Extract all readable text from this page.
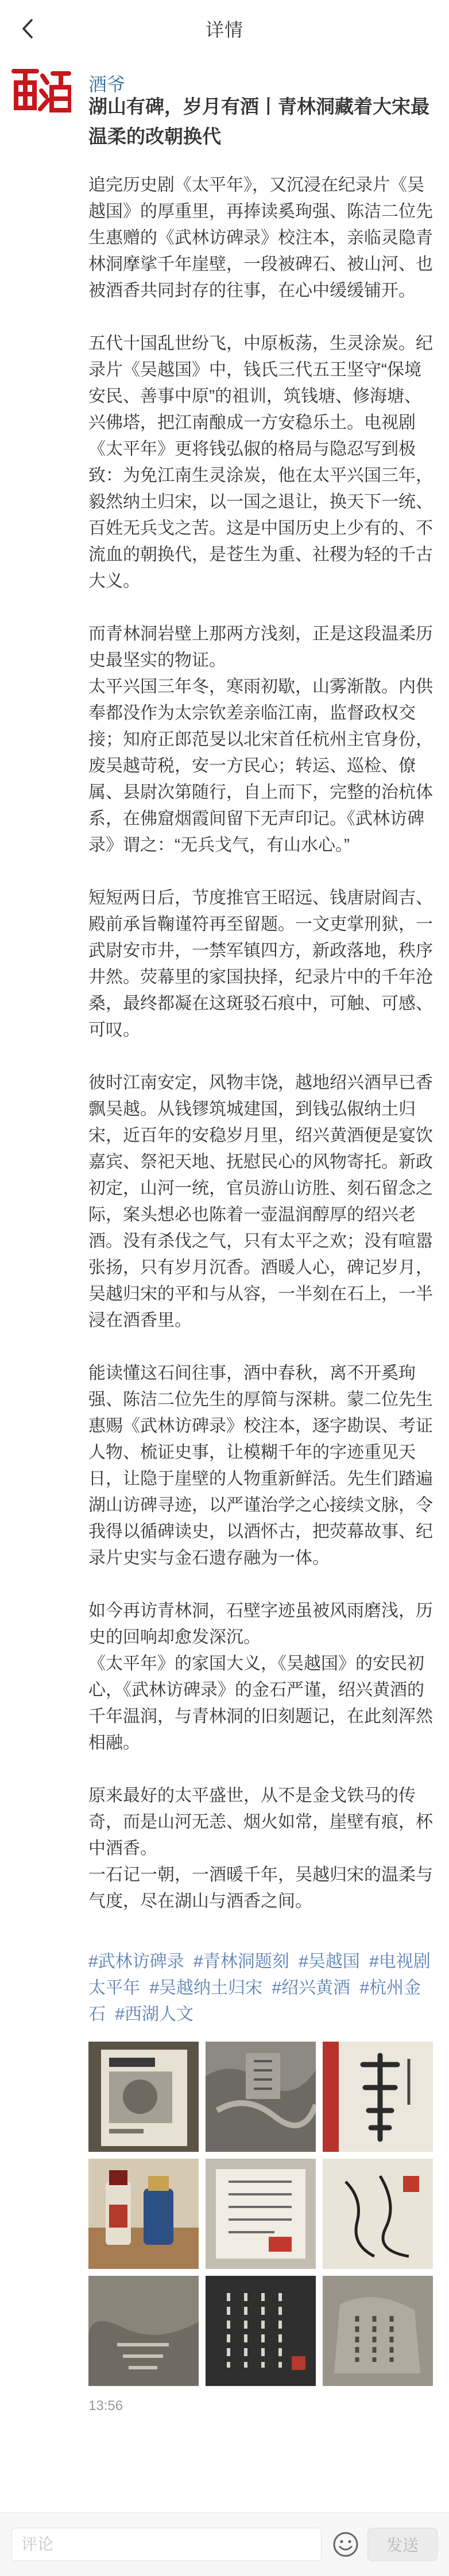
详情
酒爷
湖山有碑，岁月有酒丨青林洞藏着大宋最温柔的改朝换代

追完历史剧《太平年》，又沉浸在纪录片《吴越国》的厚重里，再捧读奚珣强、陈洁二位先生惠赠的《武林访碑录》校注本，亲临灵隐青林洞摩挲千年崖壁，一段被碑石、被山河、也被酒香共同封存的往事，在心中缓缓铺开。

五代十国乱世纷飞，中原板荡，生灵涂炭。纪录片《吴越国》中，钱氏三代五王坚守“保境安民、善事中原”的祖训，筑钱塘、修海塘、兴佛塔，把江南酿成一方安稳乐土。电视剧《太平年》更将钱弘俶的格局与隐忍写到极致：为免江南生灵涂炭，他在太平兴国三年，毅然纳土归宋，以一国之退让，换天下一统、百姓无兵戈之苦。这是中国历史上少有的、不流血的朝换代，是苍生为重、社稷为轻的千古大义。

而青林洞岩壁上那两方浅刻，正是这段温柔历史最坚实的物证。
太平兴国三年冬，寒雨初歇，山雾渐散。内供奉都没作为太宗钦差亲临江南，监督政权交接；知府正郎范旻以北宋首任杭州主官身份，废吴越苛税，安一方民心；转运、巡检、僚属、县尉次第随行，自上而下，完整的治杭体系，在佛窟烟霞间留下无声印记。《武林访碑录》谓之：“无兵戈气，有山水心。”

短短两日后，节度推官王昭远、钱唐尉阎吉、殿前承旨鞠谨符再至留题。一文吏掌刑狱，一武尉安市井，一禁军镇四方，新政落地，秩序井然。荧幕里的家国抉择，纪录片中的千年沧桑，最终都凝在这斑驳石痕中，可触、可感、可叹。

彼时江南安定，风物丰饶，越地绍兴酒早已香飘吴越。从钱镠筑城建国，到钱弘俶纳土归宋，近百年的安稳岁月里，绍兴黄酒便是宴饮嘉宾、祭祀天地、抚慰民心的风物寄托。新政初定，山河一统，官员游山访胜、刻石留念之际，案头想必也陈着一壶温润醇厚的绍兴老酒。没有杀伐之气，只有太平之欢；没有喧嚣张扬，只有岁月沉香。酒暖人心，碑记岁月，吴越归宋的平和与从容，一半刻在石上，一半浸在酒香里。

能读懂这石间往事，酒中春秋，离不开奚珣强、陈洁二位先生的厚简与深耕。蒙二位先生惠赐《武林访碑录》校注本，逐字勘误、考证人物、梳证史事，让模糊千年的字迹重见天日，让隐于崖壁的人物重新鲜活。先生们踏遍湖山访碑寻迹，以严谨治学之心接续文脉，令我得以循碑读史，以酒怀古，把荧幕故事、纪录片史实与金石遗存融为一体。

如今再访青林洞，石壁字迹虽被风雨磨浅，历史的回响却愈发深沉。
《太平年》的家国大义，《吴越国》的安民初心，《武林访碑录》的金石严谨，绍兴黄酒的千年温润，与青林洞的旧刻题记，在此刻浑然相融。

原来最好的太平盛世，从不是金戈铁马的传奇，而是山河无恙、烟火如常，崖壁有痕，杯中酒香。
一石记一朝，一酒暖千年，吴越归宋的温柔与气度，尽在湖山与酒香之间。

#武林访碑录 #青林洞题刻 #吴越国 #电视剧太平年 #吴越纳土归宋 #绍兴黄酒 #杭州金石 #西湖人文
13:56
评论
发送
